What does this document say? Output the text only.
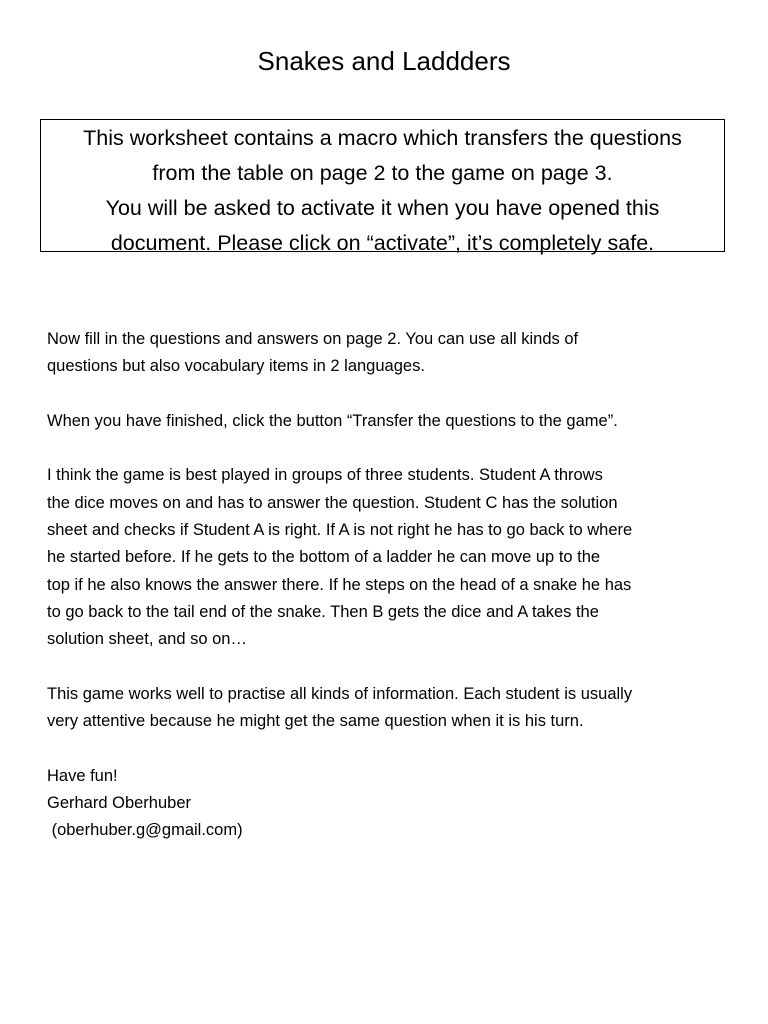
Snakes and Laddders
This worksheet contains a macro which transfers the questions
from the table on page 2 to the game on page 3.
You will be asked to activate it when you have opened this
document. Please click on “activate”, it’s completely safe.

Now fill in the questions and answers on page 2. You can use all kinds of
questions but also vocabulary items in 2 languages.

When you have finished, click the button “Transfer the questions to the game”.

I think the game is best played in groups of three students. Student A throws
the dice moves on and has to answer the question. Student C has the solution
sheet and checks if Student A is right. If A is not right he has to go back to where
he started before. If he gets to the bottom of a ladder he can move up to the
top if he also knows the answer there. If he steps on the head of a snake he has
to go back to the tail end of the snake. Then B gets the dice and A takes the
solution sheet, and so on…

This game works well to practise all kinds of information. Each student is usually
very attentive because he might get the same question when it is his turn.

Have fun!
Gerhard Oberhuber
(oberhuber.g@gmail.com)
